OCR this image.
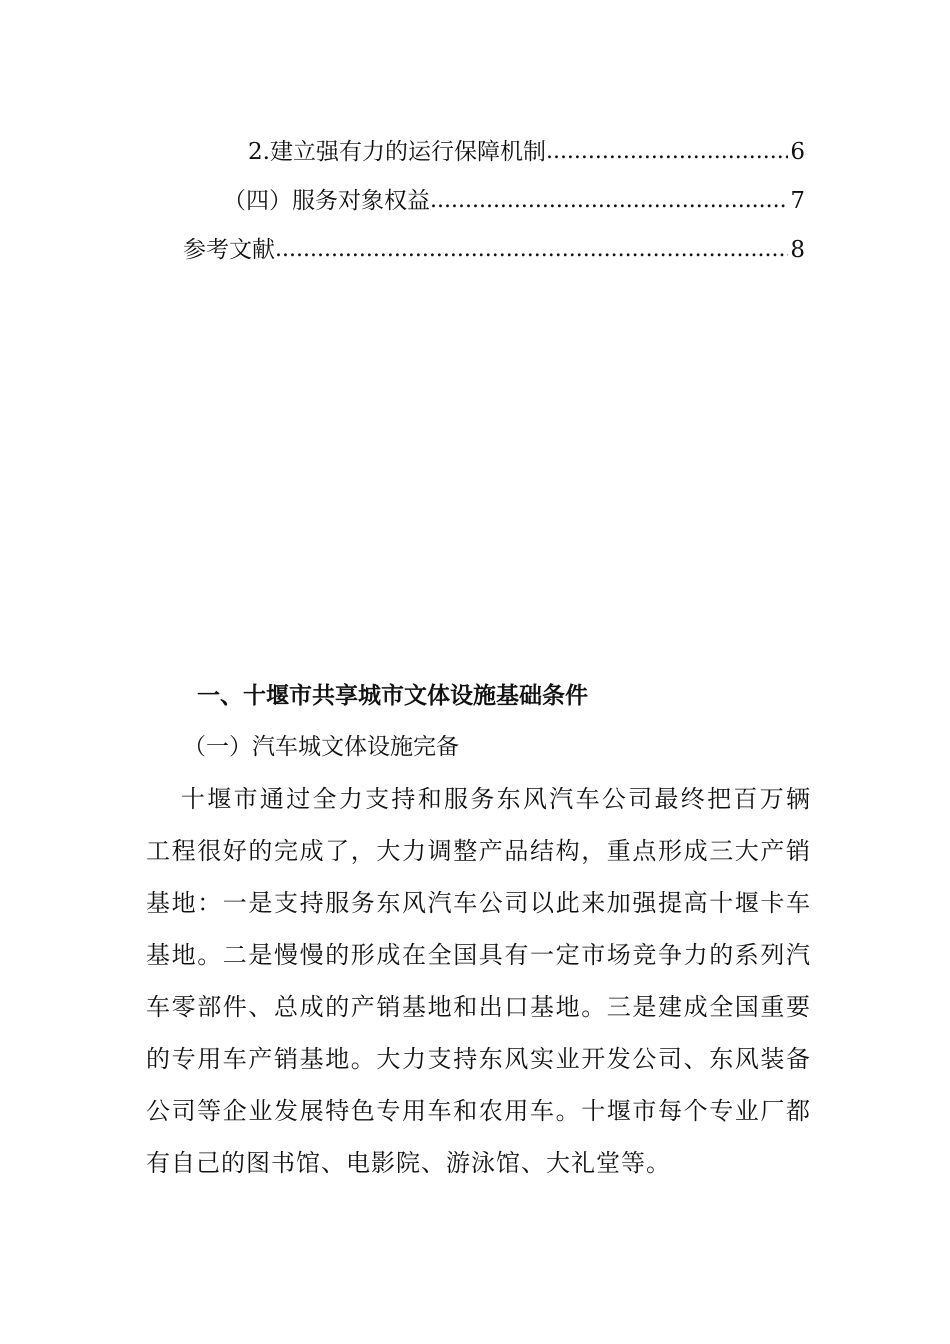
2.建立强有力的运行保障机制 .....	6
（四）服务对象权益 .....	7
参考文献 .....	8
一、十堰市共享城市文体设施基础条件
（一）汽车城文体设施完备
十堰市通过全力支持和服务东风汽车公司最终把百万辆
工程很好的完成了，大力调整产品结构，重点形成三大产销
基地：一是支持服务东风汽车公司以此来加强提高十堰卡车
基地。二是慢慢的形成在全国具有一定市场竞争力的系列汽
车零部件、总成的产销基地和出口基地。三是建成全国重要
的专用车产销基地。大力支持东风实业开发公司、东风装备
公司等企业发展特色专用车和农用车。十堰市每个专业厂都
有自己的图书馆、电影院、游泳馆、大礼堂等。
